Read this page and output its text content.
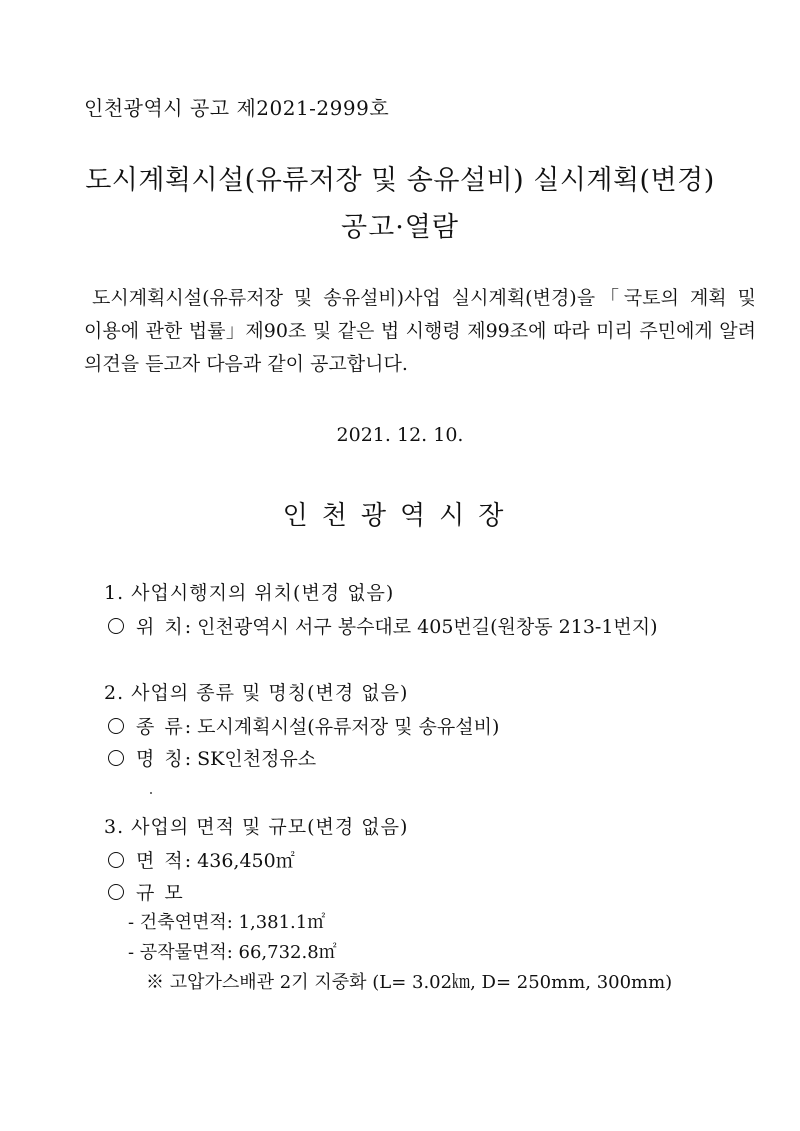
인천광역시 공고 제2021-2999호
도시계획시설(유류저장 및 송유설비) 실시계획(변경)
공고·열람
도시계획시설(유류저장 및 송유설비)사업 실시계획(변경)을「국토의 계획 및 이용에 관한 법률」제90조 및 같은 법 시행령 제99조에 따라 미리 주민에게 알려 의견을 듣고자 다음과 같이 공고합니다.
2021. 12. 10.
인천광역시장
1. 사업시행지의 위치(변경 없음)
위 치: 인천광역시 서구 봉수대로 405번길(원창동 213-1번지)
2. 사업의 종류 및 명칭(변경 없음)
종 류: 도시계획시설(유류저장 및 송유설비)
명 칭: SK인천정유소
3. 사업의 면적 및 규모(변경 없음)
면 적: 436,450㎡
규 모
- 건축연면적: 1,381.1㎡
- 공작물면적: 66,732.8㎡
※ 고압가스배관 2기 지중화 (L= 3.02㎞, D= 250mm, 300mm)
